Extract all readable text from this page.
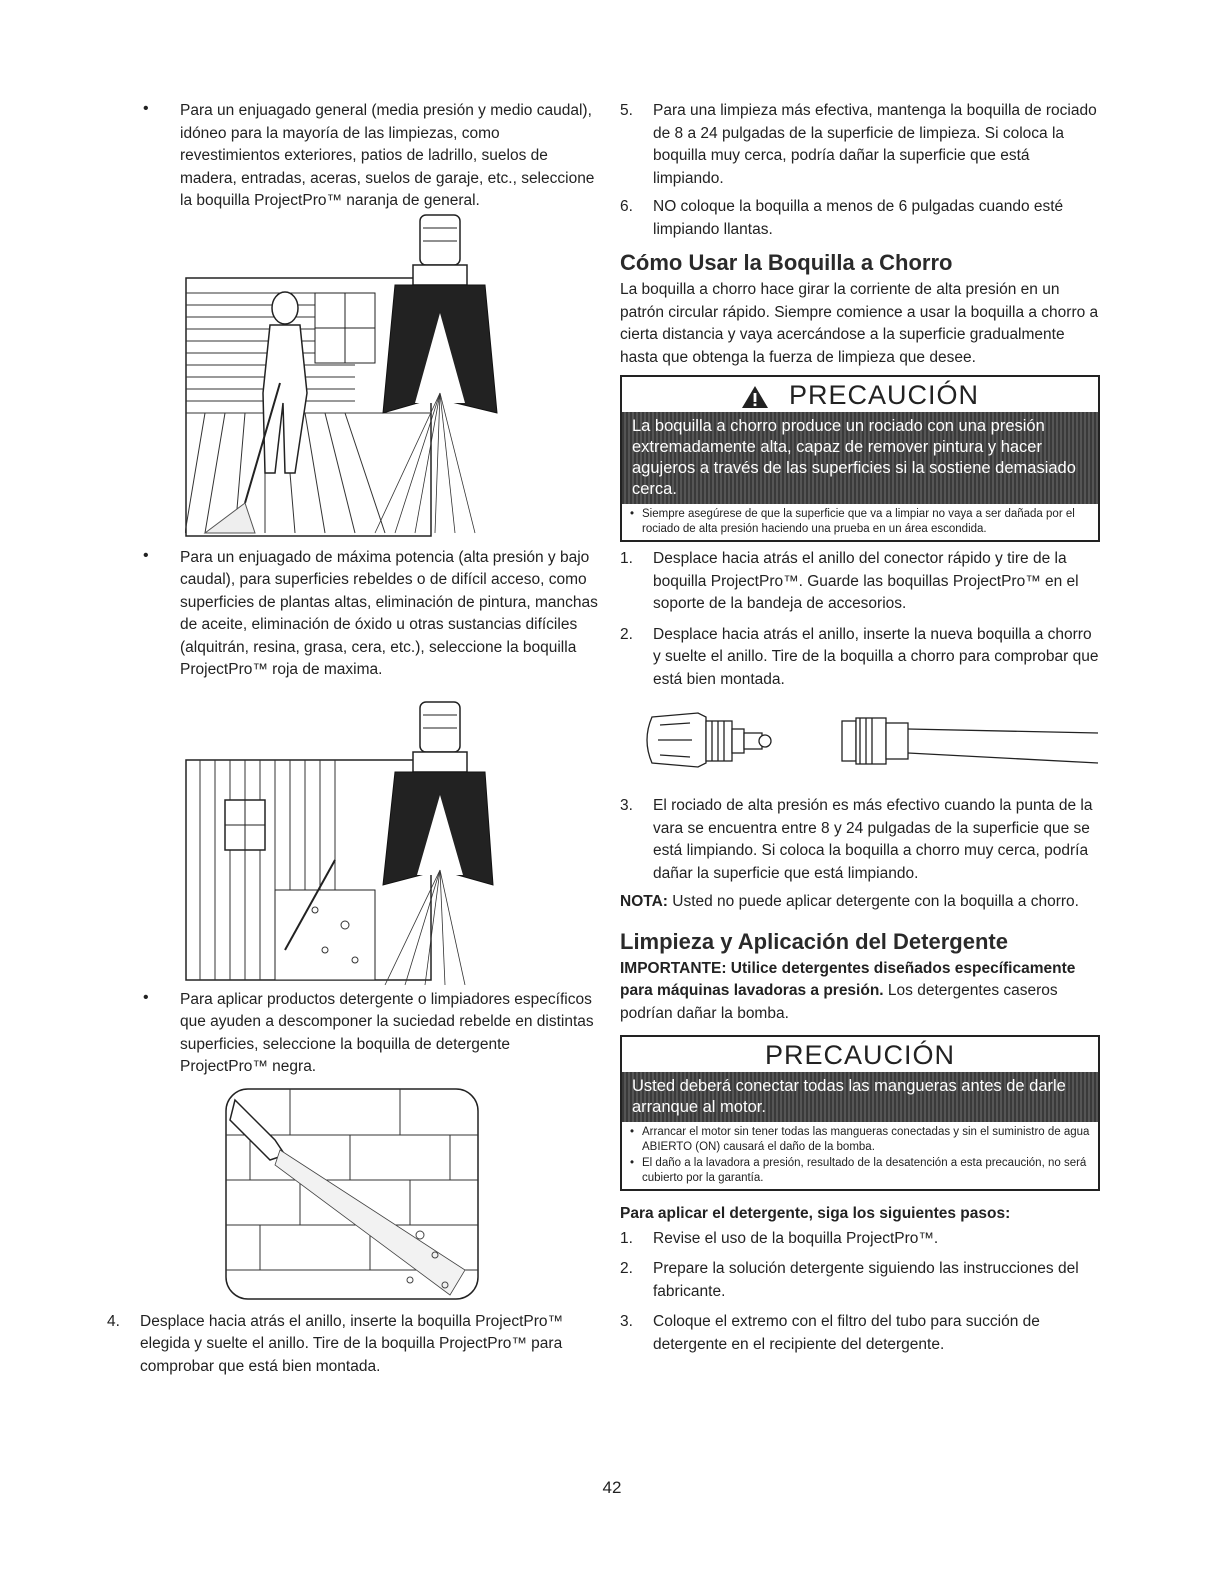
• Para un enjuagado general (media presión y medio caudal), idóneo para la mayoría de las limpiezas, como revestimientos exteriores, patios de ladrillo, suelos de madera, entradas, aceras, suelos de garaje, etc., seleccione la boquilla ProjectPro™ naranja de general.

• Para un enjuagado de máxima potencia (alta presión y bajo caudal), para superficies rebeldes o de difícil acceso, como superficies de plantas altas, eliminación de pintura, manchas de aceite, eliminación de óxido u otras sustancias difíciles (alquitrán, resina, grasa, cera, etc.), seleccione la boquilla ProjectPro™ roja de maxima.

• Para aplicar productos detergente o limpiadores específicos que ayuden a descomponer la suciedad rebelde en distintas superficies, seleccione la boquilla de detergente ProjectPro™ negra.

4. Desplace hacia atrás el anillo, inserte la boquilla ProjectPro™ elegida y suelte el anillo. Tire de la boquilla ProjectPro™ para comprobar que está bien montada.

5. Para una limpieza más efectiva, mantenga la boquilla de rociado de 8 a 24 pulgadas de la superficie de limpieza. Si coloca la boquilla muy cerca, podría dañar la superficie que está limpiando.

6. NO coloque la boquilla a menos de 6 pulgadas cuando esté limpiando llantas.

Cómo Usar la Boquilla a Chorro

La boquilla a chorro hace girar la corriente de alta presión en un patrón circular rápido. Siempre comience a usar la boquilla a chorro a cierta distancia y vaya acercándose a la superficie gradualmente hasta que obtenga la fuerza de limpieza que desee.

PRECAUCIÓN
La boquilla a chorro produce un rociado con una presión extremadamente alta, capaz de remover pintura y hacer agujeros a través de las superficies si la sostiene demasiado cerca.
• Siempre asegúrese de que la superficie que va a limpiar no vaya a ser dañada por el rociado de alta presión haciendo una prueba en un área escondida.
1. Desplace hacia atrás el anillo del conector rápido y tire de la boquilla ProjectPro™. Guarde las boquillas ProjectPro™ en el soporte de la bandeja de accesorios.

2. Desplace hacia atrás el anillo, inserte la nueva boquilla a chorro y suelte el anillo. Tire de la boquilla a chorro para comprobar que está bien montada.

3. El rociado de alta presión es más efectivo cuando la punta de la vara se encuentra entre 8 y 24 pulgadas de la superficie que se está limpiando. Si coloca la boquilla a chorro muy cerca, podría dañar la superficie que está limpiando.

NOTA: Usted no puede aplicar detergente con la boquilla a chorro.

Limpieza y Aplicación del Detergente

IMPORTANTE: Utilice detergentes diseñados específicamente para máquinas lavadoras a presión. Los detergentes caseros podrían dañar la bomba.

PRECAUCIÓN
Usted deberá conectar todas las mangueras antes de darle arranque al motor.
• Arrancar el motor sin tener todas las mangueras conectadas y sin el suministro de agua ABIERTO (ON) causará el daño de la bomba.
• El daño a la lavadora a presión, resultado de la desatención a esta precaución, no será cubierto por la garantía.

Para aplicar el detergente, siga los siguientes pasos:

1. Revise el uso de la boquilla ProjectPro™.

2. Prepare la solución detergente siguiendo las instrucciones del fabricante.

3. Coloque el extremo con el filtro del tubo para succión de detergente en el recipiente del detergente.

42
